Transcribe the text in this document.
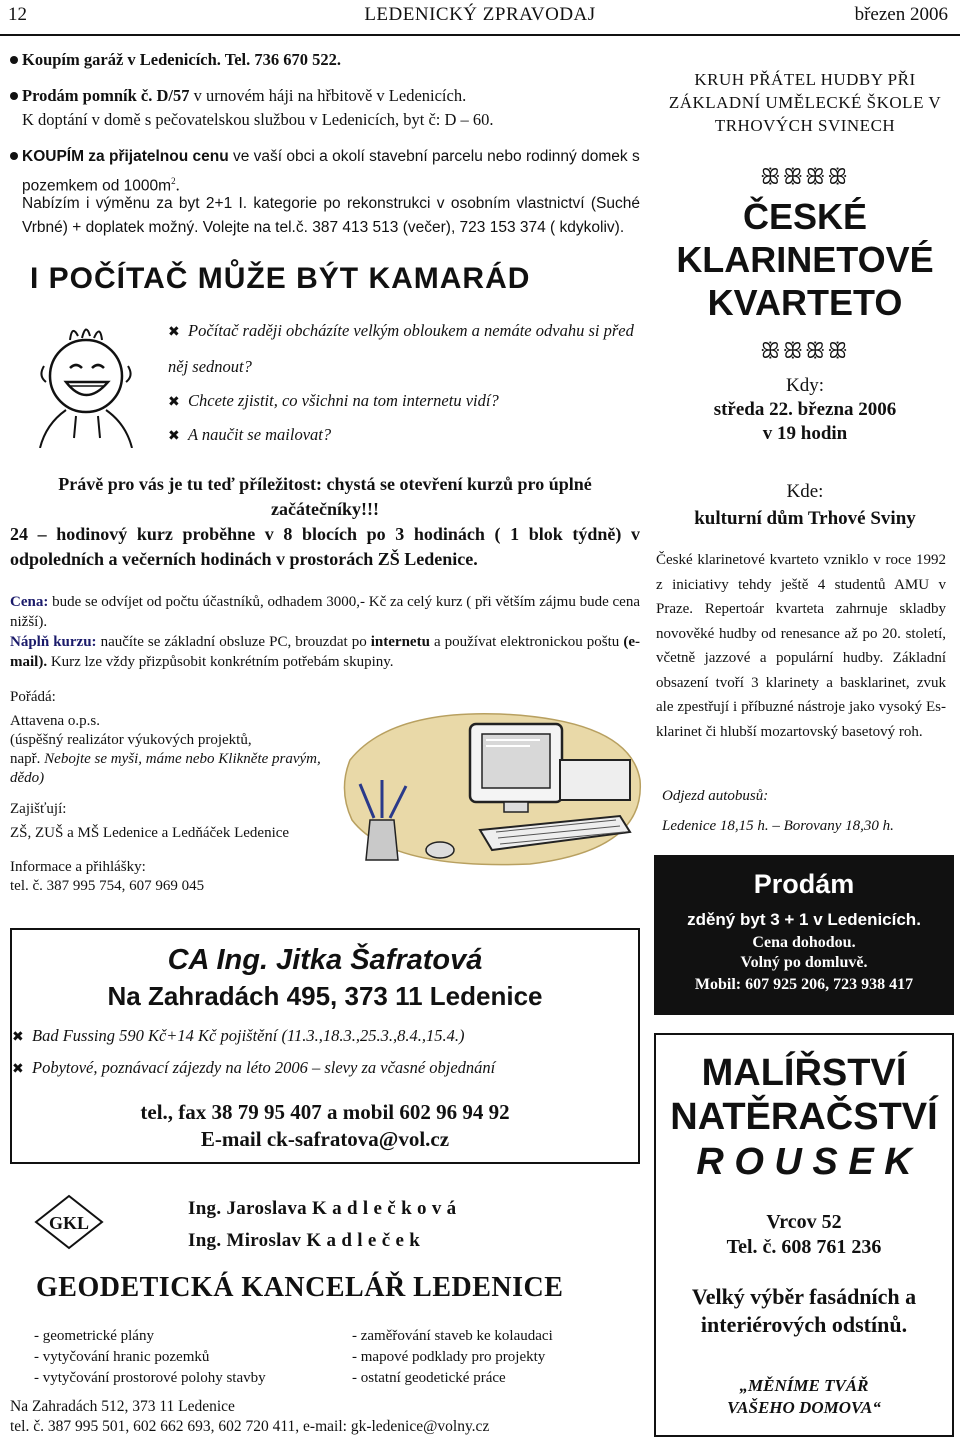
LEDENICKÝ ZPRAVODAJ
12	březen 2006
Koupím garáž v Ledenicích. Tel. 736 670 522.
Prodám pomník č. D/57 v urnovém háji na hřbitově v Ledenicích.
K doptání v domě s pečovatelskou službou v Ledenicích, byt č: D – 60.
KOUPÍM za přijatelnou cenu ve vaší obci a okolí stavební parcelu nebo rodinný domek s pozemkem od $1000m^2$.
Nabízím i výměnu za byt 2+1 I. kategorie po rekonstrukci v osobním vlastnictví (Suché Vrbné) + doplatek možný. Volejte na tel.č. 387 413 513 (večer), 723 153 374 ( kdykoliv).
I POČÍTAČ MŮŽE BÝT KAMARÁD
✖ Počítač raději obcházíte velkým obloukem a nemáte odvahu si před něj sednout?
✖ Chcete zjistit, co všichni na tom internetu vidí?
✖ A naučit se mailovat?
Právě pro vás je tu teď příležitost: chystá se otevření kurzů pro úplné začátečníky!!!
24 – hodinový kurz proběhne v 8 blocích po 3 hodinách ( 1 blok týdně) v odpoledních a večerních hodinách v prostorách ZŠ Ledenice.
Cena: bude se odvíjet od počtu účastníků, odhadem 3000,- Kč za celý kurz ( při větším zájmu bude cena nižší).
Náplň kurzu: naučíte se základní obsluze PC, brouzdat po internetu a používat elektronickou poštu (e-mail). Kurz lze vždy přizpůsobit konkrétním potřebám skupiny.
Pořádá:
Attavena o.p.s.
(úspěšný realizátor výukových projektů,
např. Nebojte se myši, máme nebo Klikněte pravým, dědo)
Zajišťují:
ZŠ, ZUŠ a MŠ Ledenice a Ledňáček Ledenice
Informace a přihlášky:
tel. č. 387 995 754, 607 969 045
KRUH PŘÁTEL HUDBY PŘI ZÁKLADNÍ UMĚLECKÉ ŠKOLE V TRHOVÝCH SVINECH
ꕥꕥꕥꕥ
ČESKÉ
KLARINETOVÉ
KVARTETO
ꕥꕥꕥꕥ
Kdy:
středa 22. března 2006
v 19 hodin
Kde:
kulturní dům Trhové Sviny
České klarinetové kvarteto vzniklo v roce 1992 z iniciativy tehdy ještě 4 studentů AMU v Praze. Repertoár kvarteta zahrnuje skladby novověké hudby od renesance až po 20. století, včetně jazzové a populární hudby. Základní obsazení tvoří 3 klarinety a basklarinet, zvuk ale zpestřují i příbuzné nástroje jako vysoký Es-klarinet či hlubší mozartovský basetový roh.
Odjezd autobusů:
Ledenice 18,15 h. – Borovany 18,30 h.
Prodám
zděný byt 3 + 1 v Ledenicích.
Cena dohodou.
Volný po domluvě.
Mobil: 607 925 206, 723 938 417
MALÍŘSTVÍ
NATĚRAČSTVÍ
R O U S E K
Vrcov 52
Tel. č. 608 761 236
Velký výběr fasádních a interiérových odstínů.
„MĚNÍME TVÁŘ VAŠEHO DOMOVA“
CA Ing. Jitka Šafratová
Na Zahradách 495, 373 11 Ledenice
✖ Bad Fussing 590 Kč+14 Kč pojištění (11.3.,18.3.,25.3.,8.4.,15.4.)
✖ Pobytové, poznávací zájezdy na léto 2006 – slevy za včasné objednání
tel., fax 38 79 95 407 a mobil 602 96 94 92
E-mail ck-safratova@vol.cz
GKL
Ing. Jaroslava K a d l e č k o v á
Ing. Miroslav K a d l e č e k
GEODETICKÁ KANCELÁŘ LEDENICE
- geometrické plány
- vytyčování hranic pozemků
- vytyčování prostorové polohy stavby
- zaměřování staveb ke kolaudaci
- mapové podklady pro projekty
- ostatní geodetické práce
Na Zahradách 512, 373 11 Ledenice
tel. č. 387 995 501, 602 662 693, 602 720 411, e-mail: gk-ledenice@volny.cz
